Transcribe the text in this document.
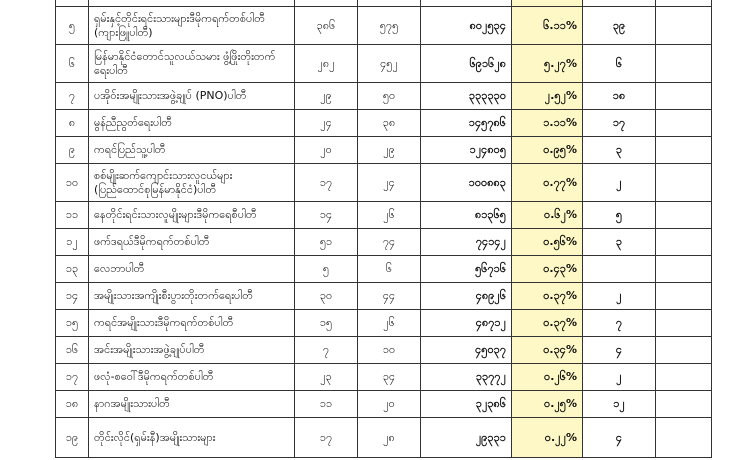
၅	ရှမ်းနှင့်တိုင်းရင်းသားများဒီမိုကရက်တစ်ပါတီ (ကျားဖြူပါတီ)	၃၈၆	၅၇၅	၈၀၂၅၃၄	၆.၁၁%	၃၉	
၆	မြန်မာနိုင်ငံတောင်သူလယ်သမား ဖွံ့ဖြိုးတိုးတက်ရေးပါတီ	၂၈၂	၄၅၂	၆၉၁၆၂၈	၅.၂၇%	၆	
၇	ပအိုဝ်းအမျိုးသားအဖွဲ့ချုပ် (PNO)ပါတီ	၂၉	၅၀	၃၃၃၃၃၀	၂.၅၂%	၁၈	
၈	မွန်ညီညွတ်ရေးပါတီ	၂၄	၃၈	၁၄၅၇၈၆	၁.၁၁%	၁၇	
၉	ကရင်ပြည်သူ့ပါတီ	၂၀	၂၉	၁၂၄၈၀၅	၀.၉၅%	၃	
၁၀	စစ်မျိုးဆက်ကျောင်းသားလူငယ်များ (ပြည်ထောင်စုမြန်မာနိုင်ငံ)ပါတီ	၁၇	၂၄	၁၀၀၈၈၃	၀.၇၇%	၂	
၁၁	နေတိုင်းရင်းသားလူမျိုးများဒီမိုကရေစီပါတီ	၁၄	၂၆	၈၁၃၆၅	၀.၆၂%	၅	
၁၂	ဖက်ဒရယ်ဒီမိုကရက်တစ်ပါတီ	၅၁	၇၄	၇၄၁၄၂	၀.၅၆%	၃	
၁၃	လေဘာပါတီ	၅	၆	၅၆၇၁၆	၀.၄၃%		
၁၄	အမျိုးသားအကျိုးစီးပွားတိုးတက်ရေးပါတီ	၃၀	၄၄	၄၈၉၂၆	၀.၃၇%	၂	
၁၅	ကရင်အမျိုးသားဒီမိုကရက်တစ်ပါတီ	၁၅	၂၆	၄၈၇၁၂	၀.၃၇%	၇	
၁၆	အင်းအမျိုးသားအဖွဲ့ချုပ်ပါတီ	၇	၁၀	၄၅၀၃၇	၀.၃၄%	၄	
၁၇	ဖလုံ-စဝေါ်ဒီမိုကရက်တစ်ပါတီ	၂၃	၃၄	၃၃၇၇၂	၀.၂၆%	၂	
၁၈	နာဂအမျိုးသားပါတီ	၁၁	၂၀	၃၂၃၈၆	၀.၂၅%	၁၂	
၁၉	တိုင်းလိုင်(ရှမ်းနီ)အမျိုးသားများ	၁၇	၂၈	၂၉၃၃၁	၀.၂၂%	၄	
